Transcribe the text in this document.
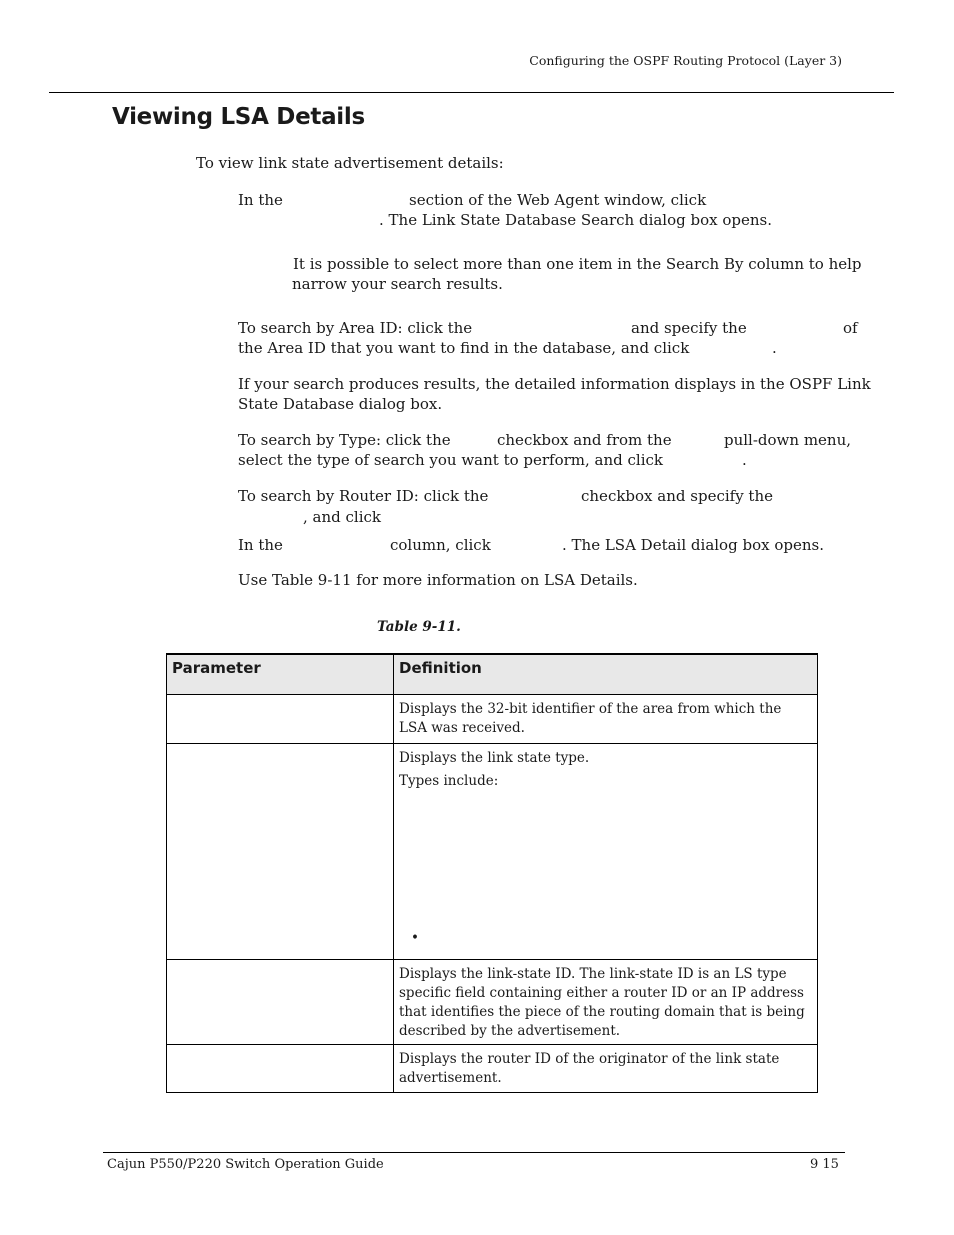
Configuring the OSPF Routing Protocol (Layer 3)
Viewing LSA Details
To view link state advertisement details:
In the	section of the Web Agent window, click
. The Link State Database Search dialog box opens.
It is possible to select more than one item in the Search By column to help
narrow your search results.
To search by Area ID: click the	and specify the	of
the Area ID that you want to find in the database, and click	.
If your search produces results, the detailed information displays in the OSPF Link
State Database dialog box.
To search by Type: click the	checkbox and from the	pull-down menu,
select the type of search you want to perform, and click	.
To search by Router ID: click the	checkbox and specify the
, and click
In the	column, click	. The LSA Detail dialog box opens.
Use Table 9-11 for more information on LSA Details.
Table 9-11.
Parameter	Definition

	Displays the 32-bit identifier of the area from which the LSA was received.

	Displays the link state type.
Types include:
•

	Displays the link-state ID. The link-state ID is an LS type specific field containing either a router ID or an IP address that identifies the piece of the routing domain that is being described by the advertisement.

	Displays the router ID of the originator of the link state advertisement.
Cajun P550/P220 Switch Operation Guide	9 15
